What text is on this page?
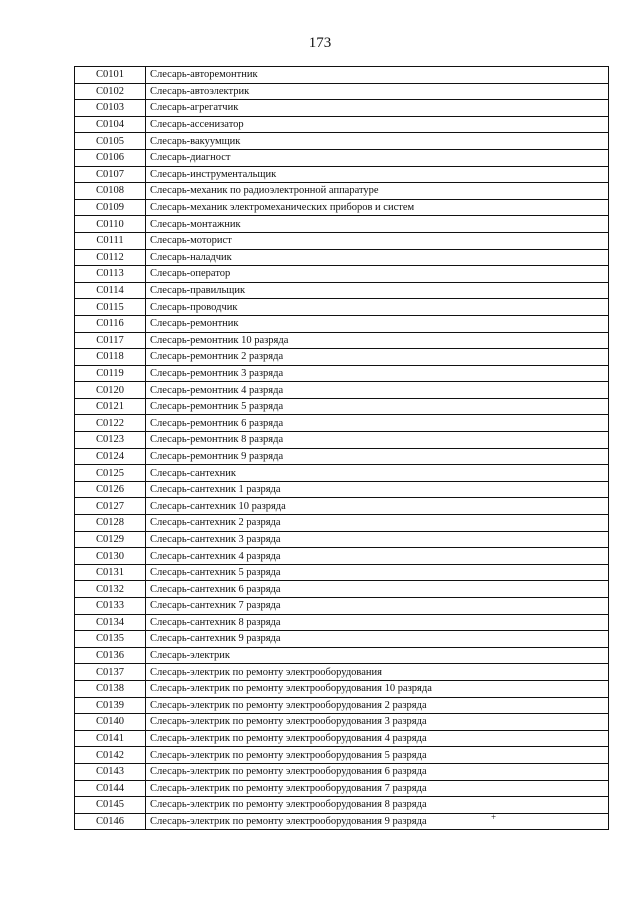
173
С0101	Слесарь-авторемонтник
С0102	Слесарь-автоэлектрик
С0103	Слесарь-агрегатчик
С0104	Слесарь-ассенизатор
С0105	Слесарь-вакуумщик
С0106	Слесарь-диагност
С0107	Слесарь-инструментальщик
С0108	Слесарь-механик по радиоэлектронной аппаратуре
С0109	Слесарь-механик электромеханических приборов и систем
С0110	Слесарь-монтажник
С0111	Слесарь-моторист
С0112	Слесарь-наладчик
С0113	Слесарь-оператор
С0114	Слесарь-правильщик
С0115	Слесарь-проводчик
С0116	Слесарь-ремонтник
С0117	Слесарь-ремонтник 10 разряда
С0118	Слесарь-ремонтник 2 разряда
С0119	Слесарь-ремонтник 3 разряда
С0120	Слесарь-ремонтник 4 разряда
С0121	Слесарь-ремонтник 5 разряда
С0122	Слесарь-ремонтник 6 разряда
С0123	Слесарь-ремонтник 8 разряда
С0124	Слесарь-ремонтник 9 разряда
С0125	Слесарь-сантехник
С0126	Слесарь-сантехник 1 разряда
С0127	Слесарь-сантехник 10 разряда
С0128	Слесарь-сантехник 2 разряда
С0129	Слесарь-сантехник 3 разряда
С0130	Слесарь-сантехник 4 разряда
С0131	Слесарь-сантехник 5 разряда
С0132	Слесарь-сантехник 6 разряда
С0133	Слесарь-сантехник 7 разряда
С0134	Слесарь-сантехник 8 разряда
С0135	Слесарь-сантехник 9 разряда
С0136	Слесарь-электрик
С0137	Слесарь-электрик по ремонту электрооборудования
С0138	Слесарь-электрик по ремонту электрооборудования 10 разряда
С0139	Слесарь-электрик по ремонту электрооборудования 2 разряда
С0140	Слесарь-электрик по ремонту электрооборудования 3 разряда
С0141	Слесарь-электрик по ремонту электрооборудования 4 разряда
С0142	Слесарь-электрик по ремонту электрооборудования 5 разряда
С0143	Слесарь-электрик по ремонту электрооборудования 6 разряда
С0144	Слесарь-электрик по ремонту электрооборудования 7 разряда
С0145	Слесарь-электрик по ремонту электрооборудования 8 разряда
С0146	Слесарь-электрик по ремонту электрооборудования 9 разряда	+
